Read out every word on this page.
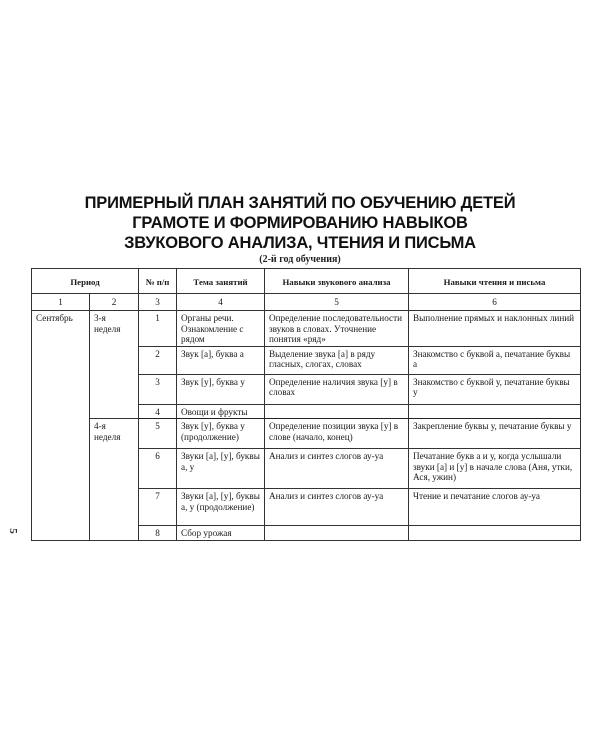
ПРИМЕРНЫЙ ПЛАН ЗАНЯТИЙ ПО ОБУЧЕНИЮ ДЕТЕЙ
ГРАМОТЕ И ФОРМИРОВАНИЮ НАВЫКОВ
ЗВУКОВОГО АНАЛИЗА, ЧТЕНИЯ И ПИСЬМА
(2-й год обучения)
5
Период		№ п/п	Тема занятий	Навыки звукового анализа	Навыки чтения и письма
1	2	3	4	5	6
Сентябрь	3-я неделя	1	Органы речи. Ознакомление с рядом	Определение последовательности звуков в словах. Уточнение понятия «ряд»	Выполнение прямых и наклонных линий
		2	Звук [а], буква а	Выделение звука [а] в ряду гласных, слогах, словах	Знакомство с буквой а, печатание буквы а
		3	Звук [у], буква у	Определение наличия звука [у] в словах	Знакомство с буквой у, печатание буквы у
		4	Овощи и фрукты		
	4-я неделя	5	Звук [у], буква у (продолжение)	Определение позиции звука [у] в слове (начало, конец)	Закрепление буквы у, печатание буквы у
		6	Звуки [а], [у], буквы а, у	Анализ и синтез слогов ау-уа	Печатание букв а и у, когда услышали звуки [а] и [у] в начале слова (Аня, утки, Ася, ужин)
		7	Звуки [а], [у], буквы а, у (продолжение)	Анализ и синтез слогов ау-уа	Чтение и печатание слогов ау-уа
		8	Сбор урожая		
